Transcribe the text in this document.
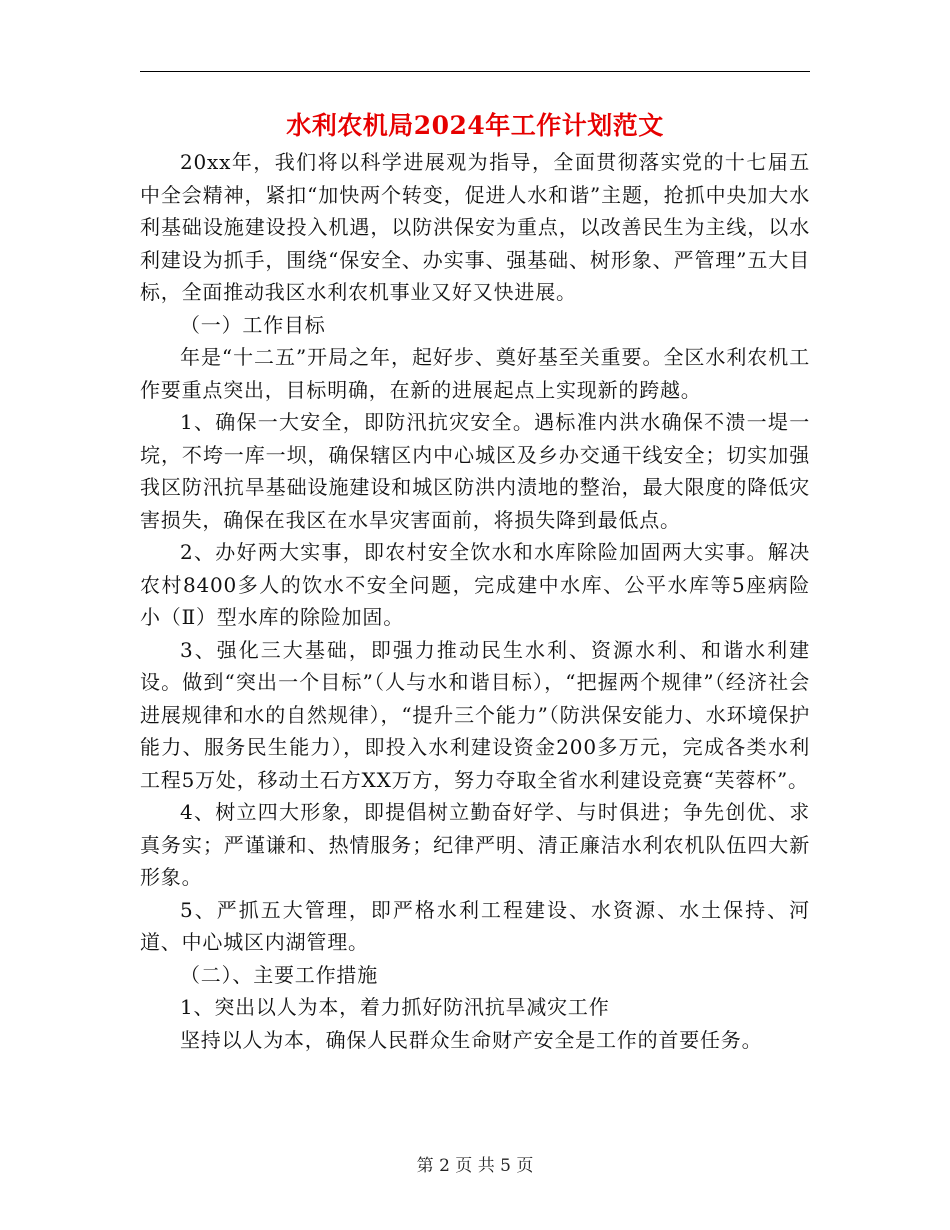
水利农机局2024年工作计划范文

20xx年，我们将以科学进展观为指导，全面贯彻落实党的十七届五中全会精神，紧扣“加快两个转变，促进人水和谐”主题，抢抓中央加大水利基础设施建设投入机遇，以防洪保安为重点，以改善民生为主线，以水利建设为抓手，围绕“保安全、办实事、强基础、树形象、严管理”五大目标，全面推动我区水利农机事业又好又快进展。

（一）工作目标

年是“十二五”开局之年，起好步、奠好基至关重要。全区水利农机工作要重点突出，目标明确，在新的进展起点上实现新的跨越。

1、确保一大安全，即防汛抗灾安全。遇标准内洪水确保不溃一堤一垸，不垮一库一坝，确保辖区内中心城区及乡办交通干线安全；切实加强我区防汛抗旱基础设施建设和城区防洪内渍地的整治，最大限度的降低灾害损失，确保在我区在水旱灾害面前，将损失降到最低点。

2、办好两大实事，即农村安全饮水和水库除险加固两大实事。解决农村8400多人的饮水不安全问题，完成建中水库、公平水库等5座病险小（Ⅱ）型水库的除险加固。

3、强化三大基础，即强力推动民生水利、资源水利、和谐水利建设。做到“突出一个目标”（人与水和谐目标），“把握两个规律”（经济社会进展规律和水的自然规律），“提升三个能力”（防洪保安能力、水环境保护能力、服务民生能力），即投入水利建设资金200多万元，完成各类水利工程5万处，移动土石方XX万方，努力夺取全省水利建设竞赛“芙蓉杯”。

4、树立四大形象，即提倡树立勤奋好学、与时俱进；争先创优、求真务实；严谨谦和、热情服务；纪律严明、清正廉洁水利农机队伍四大新形象。

5、严抓五大管理，即严格水利工程建设、水资源、水土保持、河道、中心城区内湖管理。

（二）、主要工作措施

1、突出以人为本，着力抓好防汛抗旱减灾工作

坚持以人为本，确保人民群众生命财产安全是工作的首要任务。

第 2 页 共 5 页
